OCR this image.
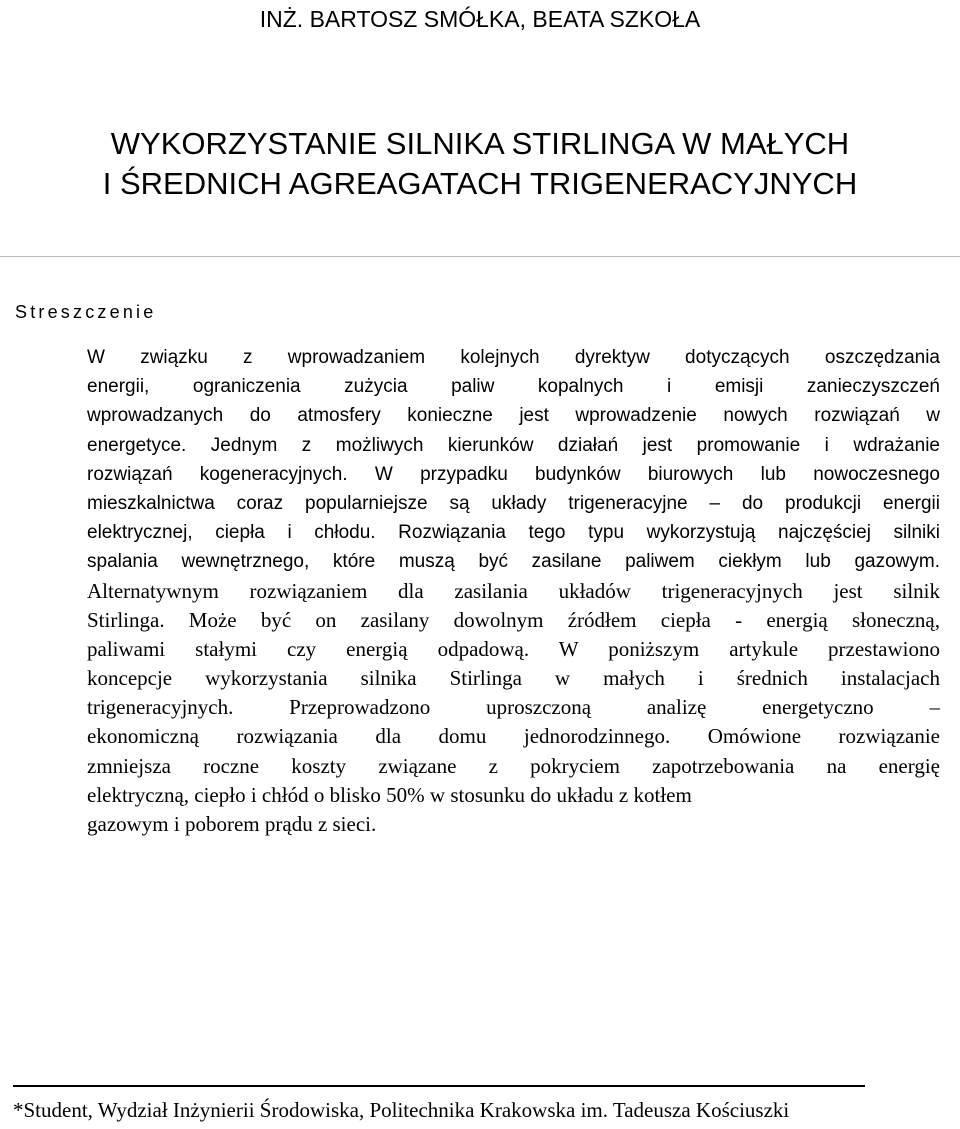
INŻ. BARTOSZ SMÓŁKA, BEATA SZKOŁA
WYKORZYSTANIE SILNIKA STIRLINGA W MAŁYCH
I ŚREDNICH AGREAGATACH TRIGENERACYJNYCH
Streszczenie
W związku z wprowadzaniem kolejnych dyrektyw dotyczących oszczędzania
energii, ograniczenia zużycia paliw kopalnych i emisji zanieczyszczeń
wprowadzanych do atmosfery konieczne jest wprowadzenie nowych rozwiązań w
energetyce. Jednym z możliwych kierunków działań jest promowanie i wdrażanie
rozwiązań kogeneracyjnych. W przypadku budynków biurowych lub nowoczesnego
mieszkalnictwa coraz popularniejsze są układy trigeneracyjne – do produkcji energii
elektrycznej, ciepła i chłodu. Rozwiązania tego typu wykorzystują najczęściej silniki
spalania wewnętrznego, które muszą być zasilane paliwem ciekłym lub gazowym.
Alternatywnym rozwiązaniem dla zasilania układów trigeneracyjnych jest silnik
Stirlinga. Może być on zasilany dowolnym źródłem ciepła - energią słoneczną,
paliwami stałymi czy energią odpadową. W poniższym artykule przestawiono
koncepcje wykorzystania silnika Stirlinga w małych i średnich instalacjach
trigeneracyjnych. Przeprowadzono uproszczoną analizę energetyczno –
ekonomiczną rozwiązania dla domu jednorodzinnego. Omówione rozwiązanie
zmniejsza roczne koszty związane z pokryciem zapotrzebowania na energię
elektryczną, ciepło i chłód o blisko 50% w stosunku do układu z kotłem
gazowym i poborem prądu z sieci.
*Student, Wydział Inżynierii Środowiska, Politechnika Krakowska im. Tadeusza Kościuszki
